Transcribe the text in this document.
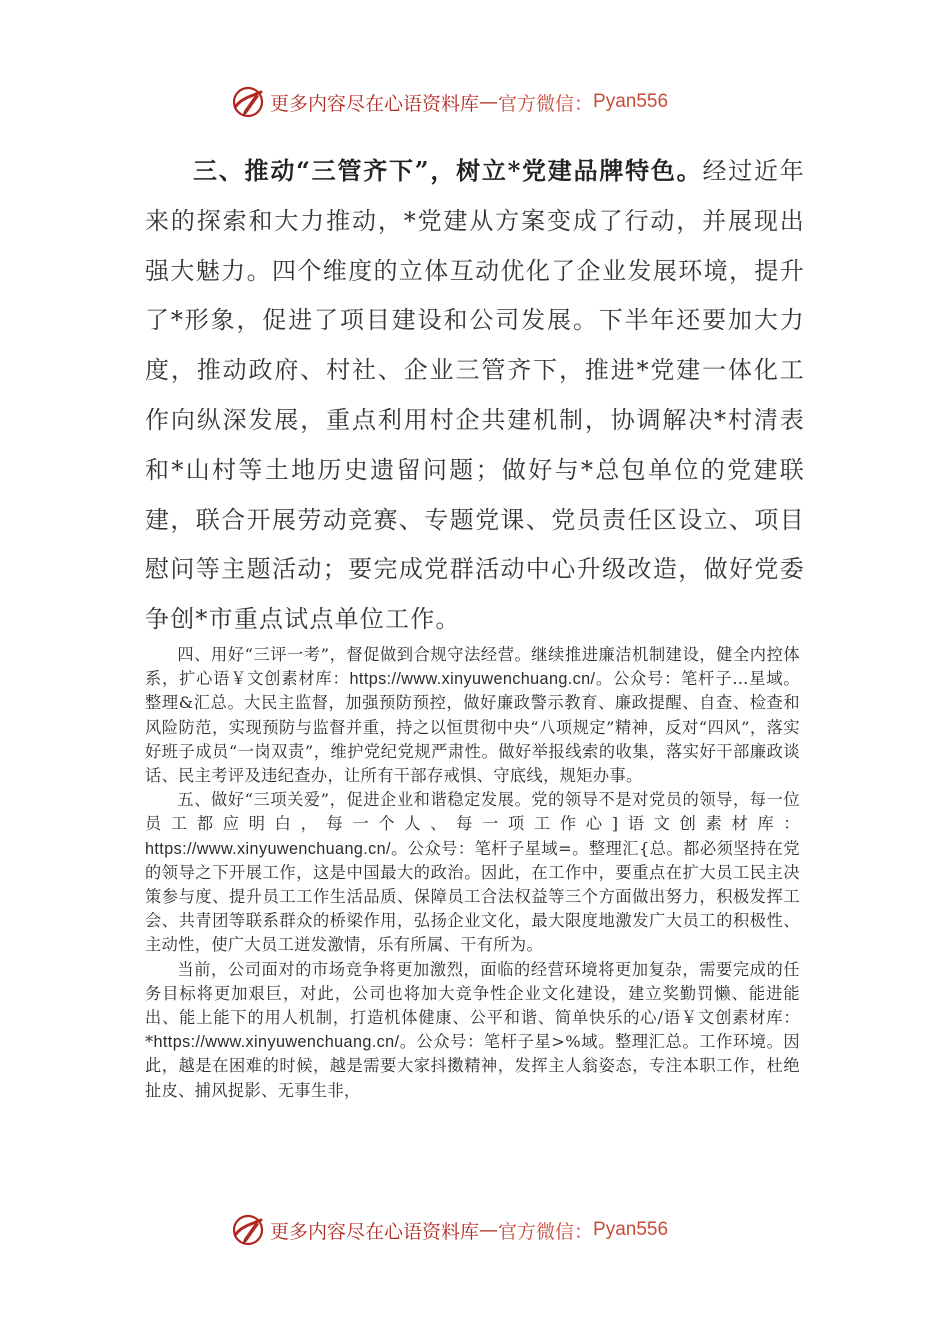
更多内容尽在心语资料库 — 官方微信： Pyan556
三、推动“三管齐下”，树立*党建品牌特色。经过近年来的探索和大力推动，*党建从方案变成了行动，并展现出强大魅力。四个维度的立体互动优化了企业发展环境，提升了*形象，促进了项目建设和公司发展。下半年还要加大力度，推动政府、村社、企业三管齐下，推进*党建一体化工作向纵深发展，重点利用村企共建机制，协调解决*村清表和*山村等土地历史遗留问题；做好与*总包单位的党建联建，联合开展劳动竞赛、专题党课、党员责任区设立、项目慰问等主题活动；要完成党群活动中心升级改造，做好党委争创*市重点试点单位工作。

四、用好“三评一考”，督促做到合规守法经营。继续推进廉洁机制建设，健全内控体系，扩心语￥文创素材库：https://www.xinyuwenchuang.cn/。公众号：笔杆子…星域。整理&汇总。大民主监督，加强预防预控，做好廉政警示教育、廉政提醒、自查、检查和风险防范，实现预防与监督并重，持之以恒贯彻中央“八项规定”精神，反对“四风”，落实好班子成员“一岗双责”，维护党纪党规严肃性。做好举报线索的收集，落实好干部廉政谈话、民主考评及违纪查办，让所有干部存戒惧、守底线，规矩办事。

五、做好“三项关爱”，促进企业和谐稳定发展。党的领导不是对党员的领导，每一位员工都应明白，每一个人、每一项工作心]语文创素材库：https://www.xinyuwenchuang.cn/。公众号：笔杆子星域=。整理汇{总。都必须坚持在党的领导之下开展工作，这是中国最大的政治。因此，在工作中，要重点在扩大员工民主决策参与度、提升员工工作生活品质、保障员工合法权益等三个方面做出努力，积极发挥工会、共青团等联系群众的桥梁作用，弘扬企业文化，最大限度地激发广大员工的积极性、主动性，使广大员工迸发激情，乐有所属、干有所为。

当前，公司面对的市场竞争将更加激烈，面临的经营环境将更加复杂，需要完成的任务目标将更加艰巨，对此，公司也将加大竞争性企业文化建设，建立奖勤罚懒、能进能出、能上能下的用人机制，打造机体健康、公平和谐、简单快乐的心/语￥文创素材库：*https://www.xinyuwenchuang.cn/。公众号：笔杆子星>%域。整理汇总。工作环境。因此，越是在困难的时候，越是需要大家抖擞精神，发挥主人翁姿态，专注本职工作，杜绝扯皮、捕风捉影、无事生非，

更多内容尽在心语资料库 — 官方微信： Pyan556
